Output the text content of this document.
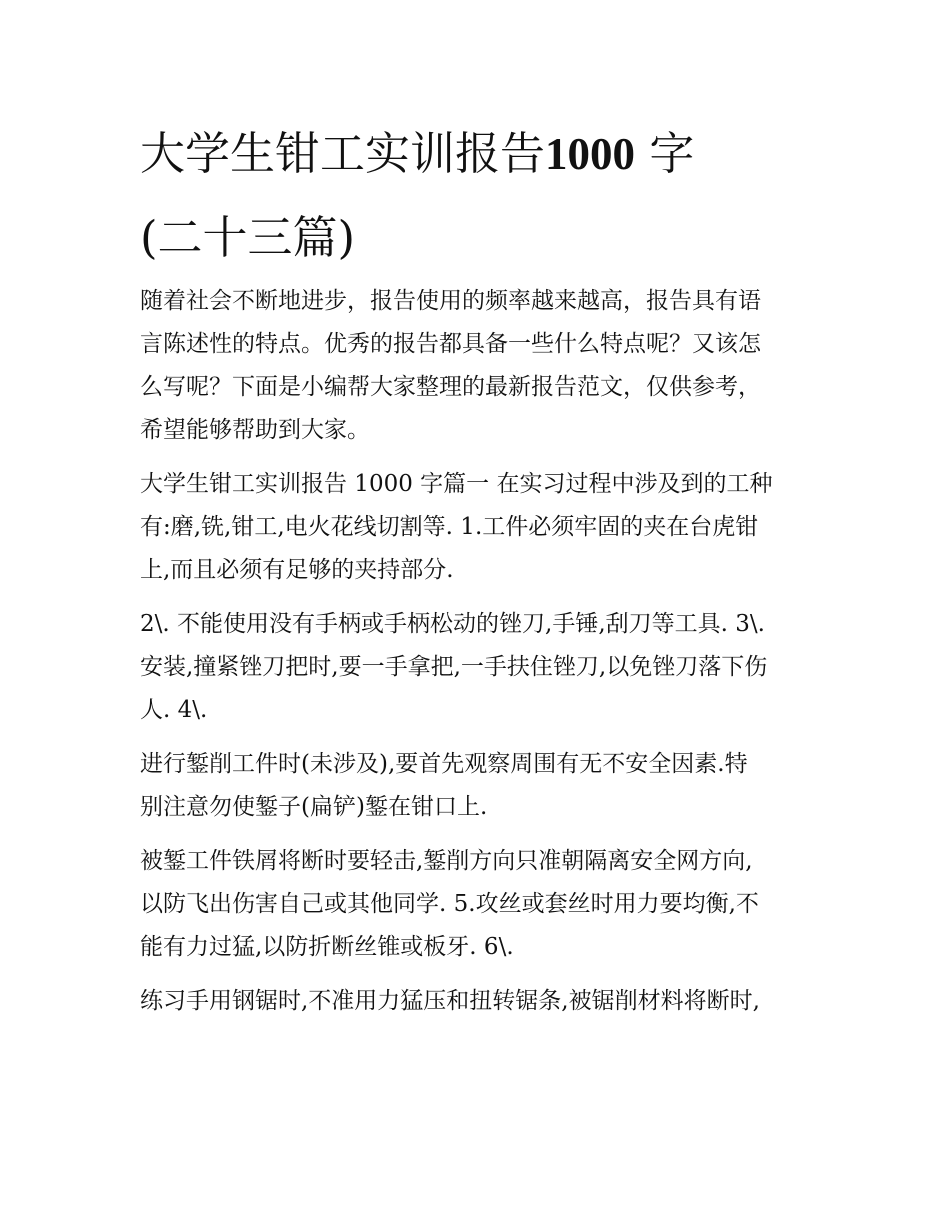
大学生钳工实训报告1000 字
(二十三篇)
随着社会不断地进步，报告使用的频率越来越高，报告具有语
言陈述性的特点。优秀的报告都具备一些什么特点呢？又该怎
么写呢？下面是小编帮大家整理的最新报告范文，仅供参考，
希望能够帮助到大家。
大学生钳工实训报告 1000 字篇一 在实习过程中涉及到的工种
有:磨,铣,钳工,电火花线切割等. 1.工件必须牢固的夹在台虎钳
上,而且必须有足够的夹持部分.
2\. 不能使用没有手柄或手柄松动的锉刀,手锤,刮刀等工具. 3\.
安装,撞紧锉刀把时,要一手拿把,一手扶住锉刀,以免锉刀落下伤
人. 4\.
进行錾削工件时(未涉及),要首先观察周围有无不安全因素.特
别注意勿使錾子(扁铲)錾在钳口上.
被錾工件铁屑将断时要轻击,錾削方向只准朝隔离安全网方向,
以防飞出伤害自己或其他同学. 5.攻丝或套丝时用力要均衡,不
能有力过猛,以防折断丝锥或板牙. 6\.
练习手用钢锯时,不准用力猛压和扭转锯条,被锯削材料将断时,
